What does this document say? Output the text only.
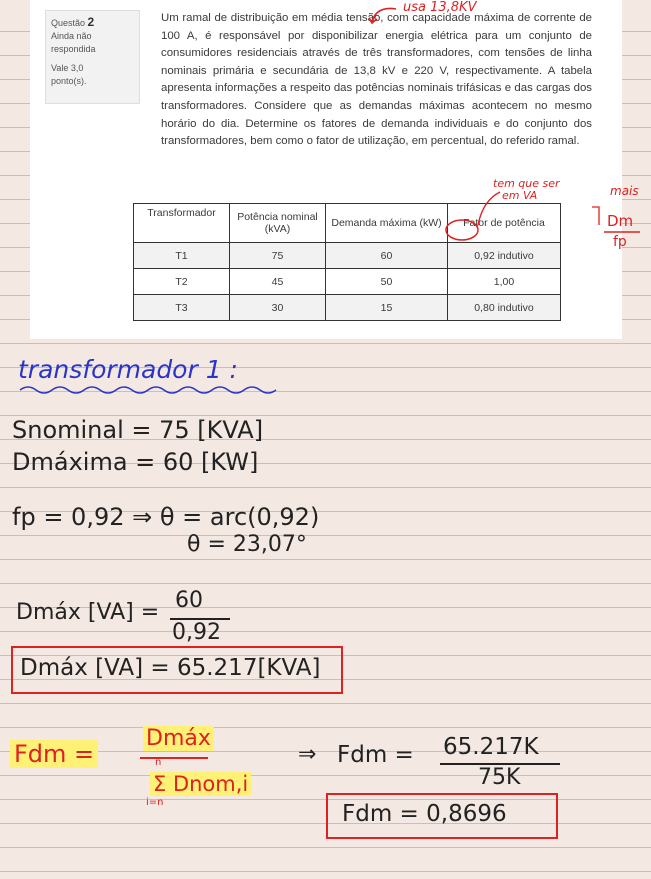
Questão 2
Ainda não
respondida
Vale 3,0
ponto(s).
Um ramal de distribuição em média tensão, com capacidade máxima de corrente de 100 A, é responsável por disponibilizar energia elétrica para um conjunto de consumidores residenciais através de três transformadores, com tensões de linha nominais primária e secundária de 13,8 kV e 220 V, respectivamente. A tabela apresenta informações a respeito das potências nominais trifásicas e das cargas dos transformadores. Considere que as demandas máximas acontecem no mesmo horário do dia. Determine os fatores de demanda individuais e do conjunto dos transformadores, bem como o fator de utilização, em percentual, do referido ramal.
Transformador	Potência nominal (kVA)	Demanda máxima (kW)	Fator de potência
T1	75	60	0,92 indutivo
T2	45	50	1,00
T3	30	15	0,80 indutivo
usa 13,8KV
tem que ser
em VA	mais
Dm
fp
transformador 1 :
Snominal = 75 [KVA]
Dmáxima = 60 [KW]
fp = 0,92 ⇒ θ = arc(0,92)
θ = 23,07°
Dmáx [VA] = 60
0,92
Dmáx [VA] = 65.217[KVA]
Fdm =
Dmáx
n
Σ Dnom,i
i=n
⇒ Fdm = 65.217K
75K
Fdm = 0,8696
